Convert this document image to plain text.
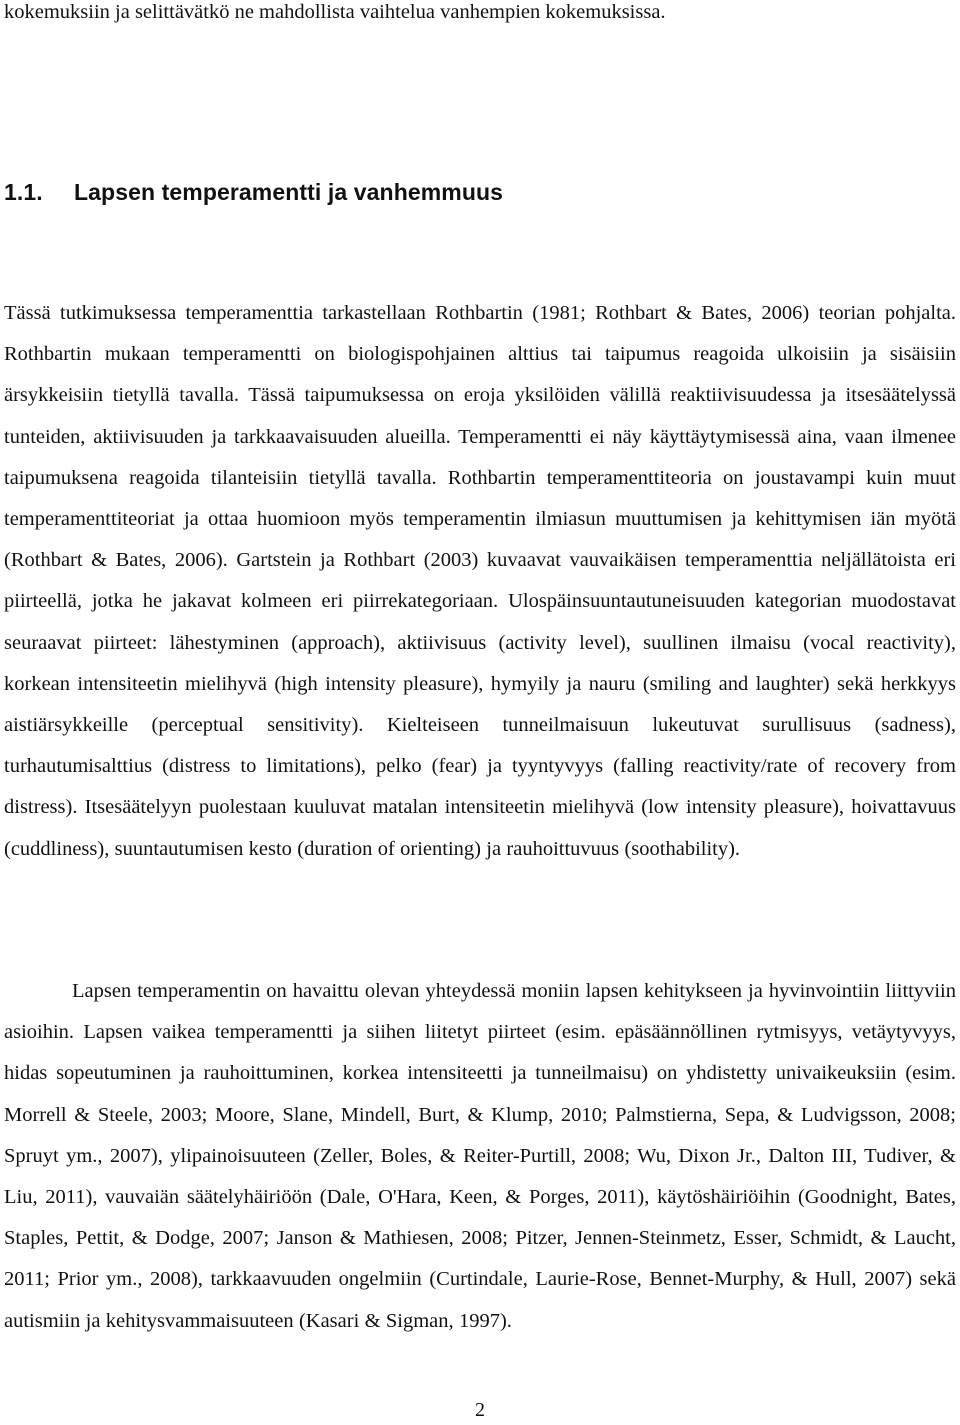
kokemuksiin ja selittävätkö ne mahdollista vaihtelua vanhempien kokemuksissa.

1.1. Lapsen temperamentti ja vanhemmuus

Tässä tutkimuksessa temperamenttia tarkastellaan Rothbartin (1981; Rothbart & Bates, 2006) teorian pohjalta. Rothbartin mukaan temperamentti on biologispohjainen alttius tai taipumus reagoida ulkoisiin ja sisäisiin ärsykkeisiin tietyllä tavalla. Tässä taipumuksessa on eroja yksilöiden välillä reaktiivisuudessa ja itsesäätelyssä tunteiden, aktiivisuuden ja tarkkaavaisuuden alueilla. Temperamentti ei näy käyttäytymisessä aina, vaan ilmenee taipumuksena reagoida tilanteisiin tietyllä tavalla. Rothbartin temperamenttiteoria on joustavampi kuin muut temperamenttiteoriat ja ottaa huomioon myös temperamentin ilmiasun muuttumisen ja kehittymisen iän myötä (Rothbart & Bates, 2006). Gartstein ja Rothbart (2003) kuvaavat vauvaikäisen temperamenttia neljällätoista eri piirteellä, jotka he jakavat kolmeen eri piirrekategoriaan. Ulospäinsuuntautuneisuuden kategorian muodostavat seuraavat piirteet: lähestyminen (approach), aktiivisuus (activity level), suullinen ilmaisu (vocal reactivity), korkean intensiteetin mielihyvä (high intensity pleasure), hymyily ja nauru (smiling and laughter) sekä herkkyys aistiärsykkeille (perceptual sensitivity). Kielteiseen tunneilmaisuun lukeutuvat surullisuus (sadness), turhautumisalttius (distress to limitations), pelko (fear) ja tyyntyvyys (falling reactivity/rate of recovery from distress). Itsesäätelyyn puolestaan kuuluvat matalan intensiteetin mielihyvä (low intensity pleasure), hoivattavuus (cuddliness), suuntautumisen kesto (duration of orienting) ja rauhoittuvuus (soothability).

Lapsen temperamentin on havaittu olevan yhteydessä moniin lapsen kehitykseen ja hyvinvointiin liittyviin asioihin. Lapsen vaikea temperamentti ja siihen liitetyt piirteet (esim. epäsäännöllinen rytmisyys, vetäytyvyys, hidas sopeutuminen ja rauhoittuminen, korkea intensiteetti ja tunneilmaisu) on yhdistetty univaikeuksiin (esim. Morrell & Steele, 2003; Moore, Slane, Mindell, Burt, & Klump, 2010; Palmstierna, Sepa, & Ludvigsson, 2008; Spruyt ym., 2007), ylipainoisuuteen (Zeller, Boles, & Reiter-Purtill, 2008; Wu, Dixon Jr., Dalton III, Tudiver, & Liu, 2011), vauvaiän säätelyhäiriöön (Dale, O'Hara, Keen, & Porges, 2011), käytöshäiriöihin (Goodnight, Bates, Staples, Pettit, & Dodge, 2007; Janson & Mathiesen, 2008; Pitzer, Jennen-Steinmetz, Esser, Schmidt, & Laucht, 2011; Prior ym., 2008), tarkkaavuuden ongelmiin (Curtindale, Laurie-Rose, Bennet-Murphy, & Hull, 2007) sekä autismiin ja kehitysvammaisuuteen (Kasari & Sigman, 1997).

2
